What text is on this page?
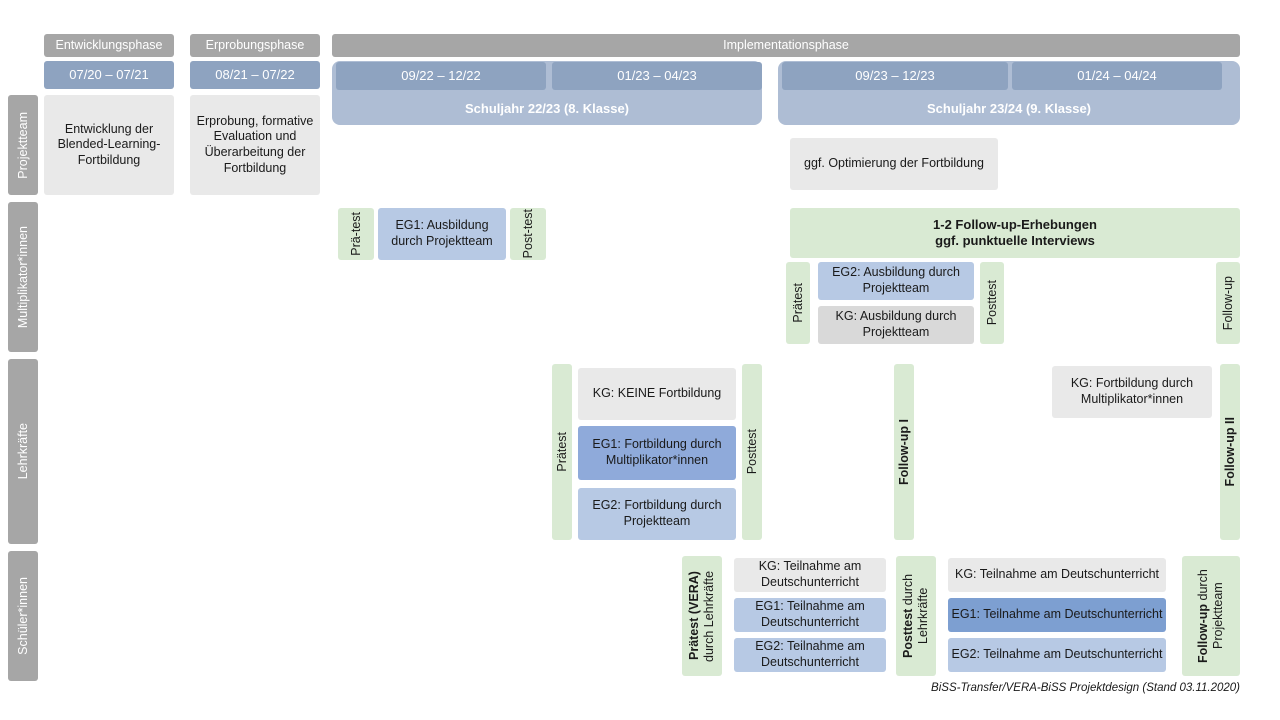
Entwicklungsphase	Erprobungsphase	Implementationsphase
Schuljahr 22/23 (8. Klasse)	Schuljahr 23/24 (9. Klasse)
07/20 – 07/21	08/21 – 07/22	09/22 – 12/22	01/23 – 04/23	09/23 – 12/23	01/24 – 04/24
Projektteam
Multiplikator*innen
Lehrkräfte
Schüler*innen
Entwicklung der Blended-Learning-Fortbildung
Erprobung, formative Evaluation und Überarbeitung der Fortbildung	ggf. Optimierung der Fortbildung
Prä-test	EG1: Ausbildung durch Projektteam	Post-test	1-2 Follow-up-Erhebungen
ggf. punktuelle Interviews
Prätest
EG2: Ausbildung durch Projektteam
KG: Ausbildung durch Projektteam
Posttest	Follow-up
Prätest
KG: KEINE Fortbildung
EG1: Fortbildung durch Multiplikator*innen
EG2: Fortbildung durch Projektteam
Posttest	Follow-up I
KG: Fortbildung durch Multiplikator*innen
Follow-up II
Prätest (VERA) durch Lehrkräfte
KG: Teilnahme am Deutschunterricht
EG1: Teilnahme am Deutschunterricht
EG2: Teilnahme am Deutschunterricht
Posttest durch Lehrkräfte
KG: Teilnahme am Deutschunterricht
EG1: Teilnahme am Deutschunterricht
EG2: Teilnahme am Deutschunterricht	Follow-up durch Projektteam
BiSS-Transfer/VERA-BiSS Projektdesign (Stand 03.11.2020)
